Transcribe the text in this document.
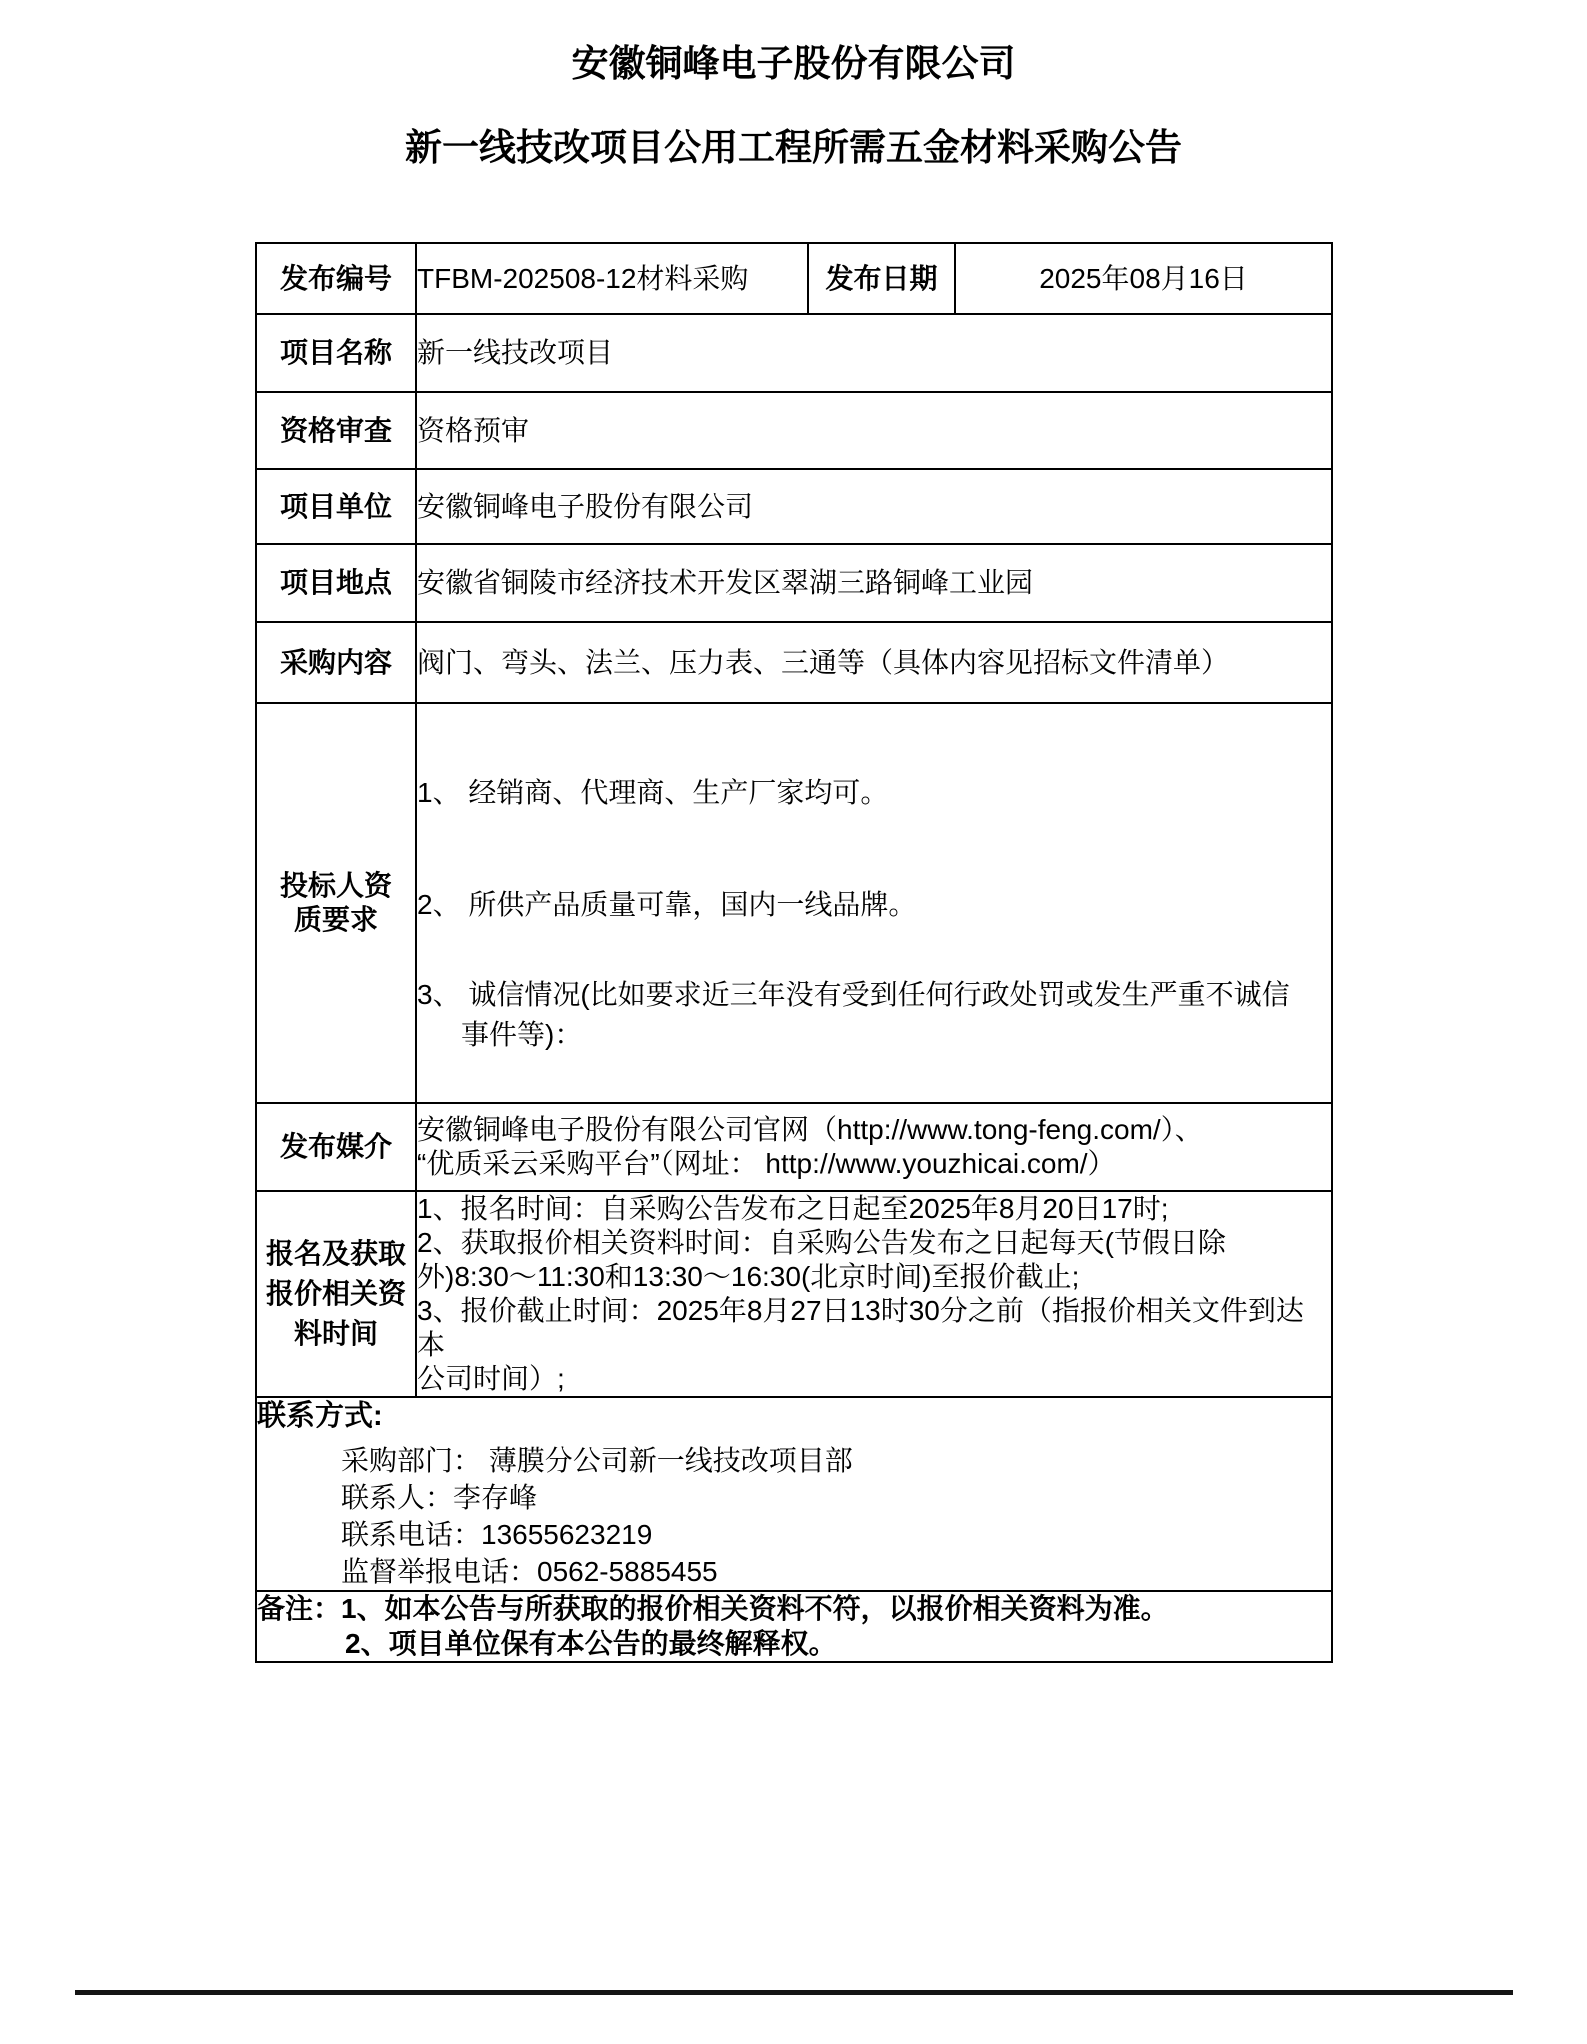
安徽铜峰电子股份有限公司
新一线技改项目公用工程所需五金材料采购公告
发布编号	TFBM-202508-12材料采购	发布日期	2025年08月16日
项目名称	新一线技改项目		
资格审查	资格预审		
项目单位	安徽铜峰电子股份有限公司		
项目地点	安徽省铜陵市经济技术开发区翠湖三路铜峰工业园		
采购内容	阀门、弯头、法兰、压力表、三通等（具体内容见招标文件清单）		
投标人资质要求	1、 经销商、代理商、生产厂家均可。
2、 所供产品质量可靠，国内一线品牌。
3、 诚信情况(比如要求近三年没有受到任何行政处罚或发生严重不诚信
事件等)：		

发布媒介	安徽铜峰电子股份有限公司官网（http://www.tong-feng.com/）、
“优质采云采购平台”（网址： http://www.youzhicai.com/）		

报名及获取报价相关资料时间	1、报名时间：自采购公告发布之日起至2025年8月20日17时;
2、获取报价相关资料时间：自采购公告发布之日起每天(节假日除
外)8:30～11:30和13:30～16:30(北京时间)至报价截止;
3、报价截止时间：2025年8月27日13时30分之前（指报价相关文件到达本
公司时间）;		

联系方式:
采购部门： 薄膜分公司新一线技改项目部
联系人：李存峰
联系电话：13655623219
监督举报电话：0562-5885455			

备注：1、如本公告与所获取的报价相关资料不符，以报价相关资料为准。
2、项目单位保有本公告的最终解释权。			
